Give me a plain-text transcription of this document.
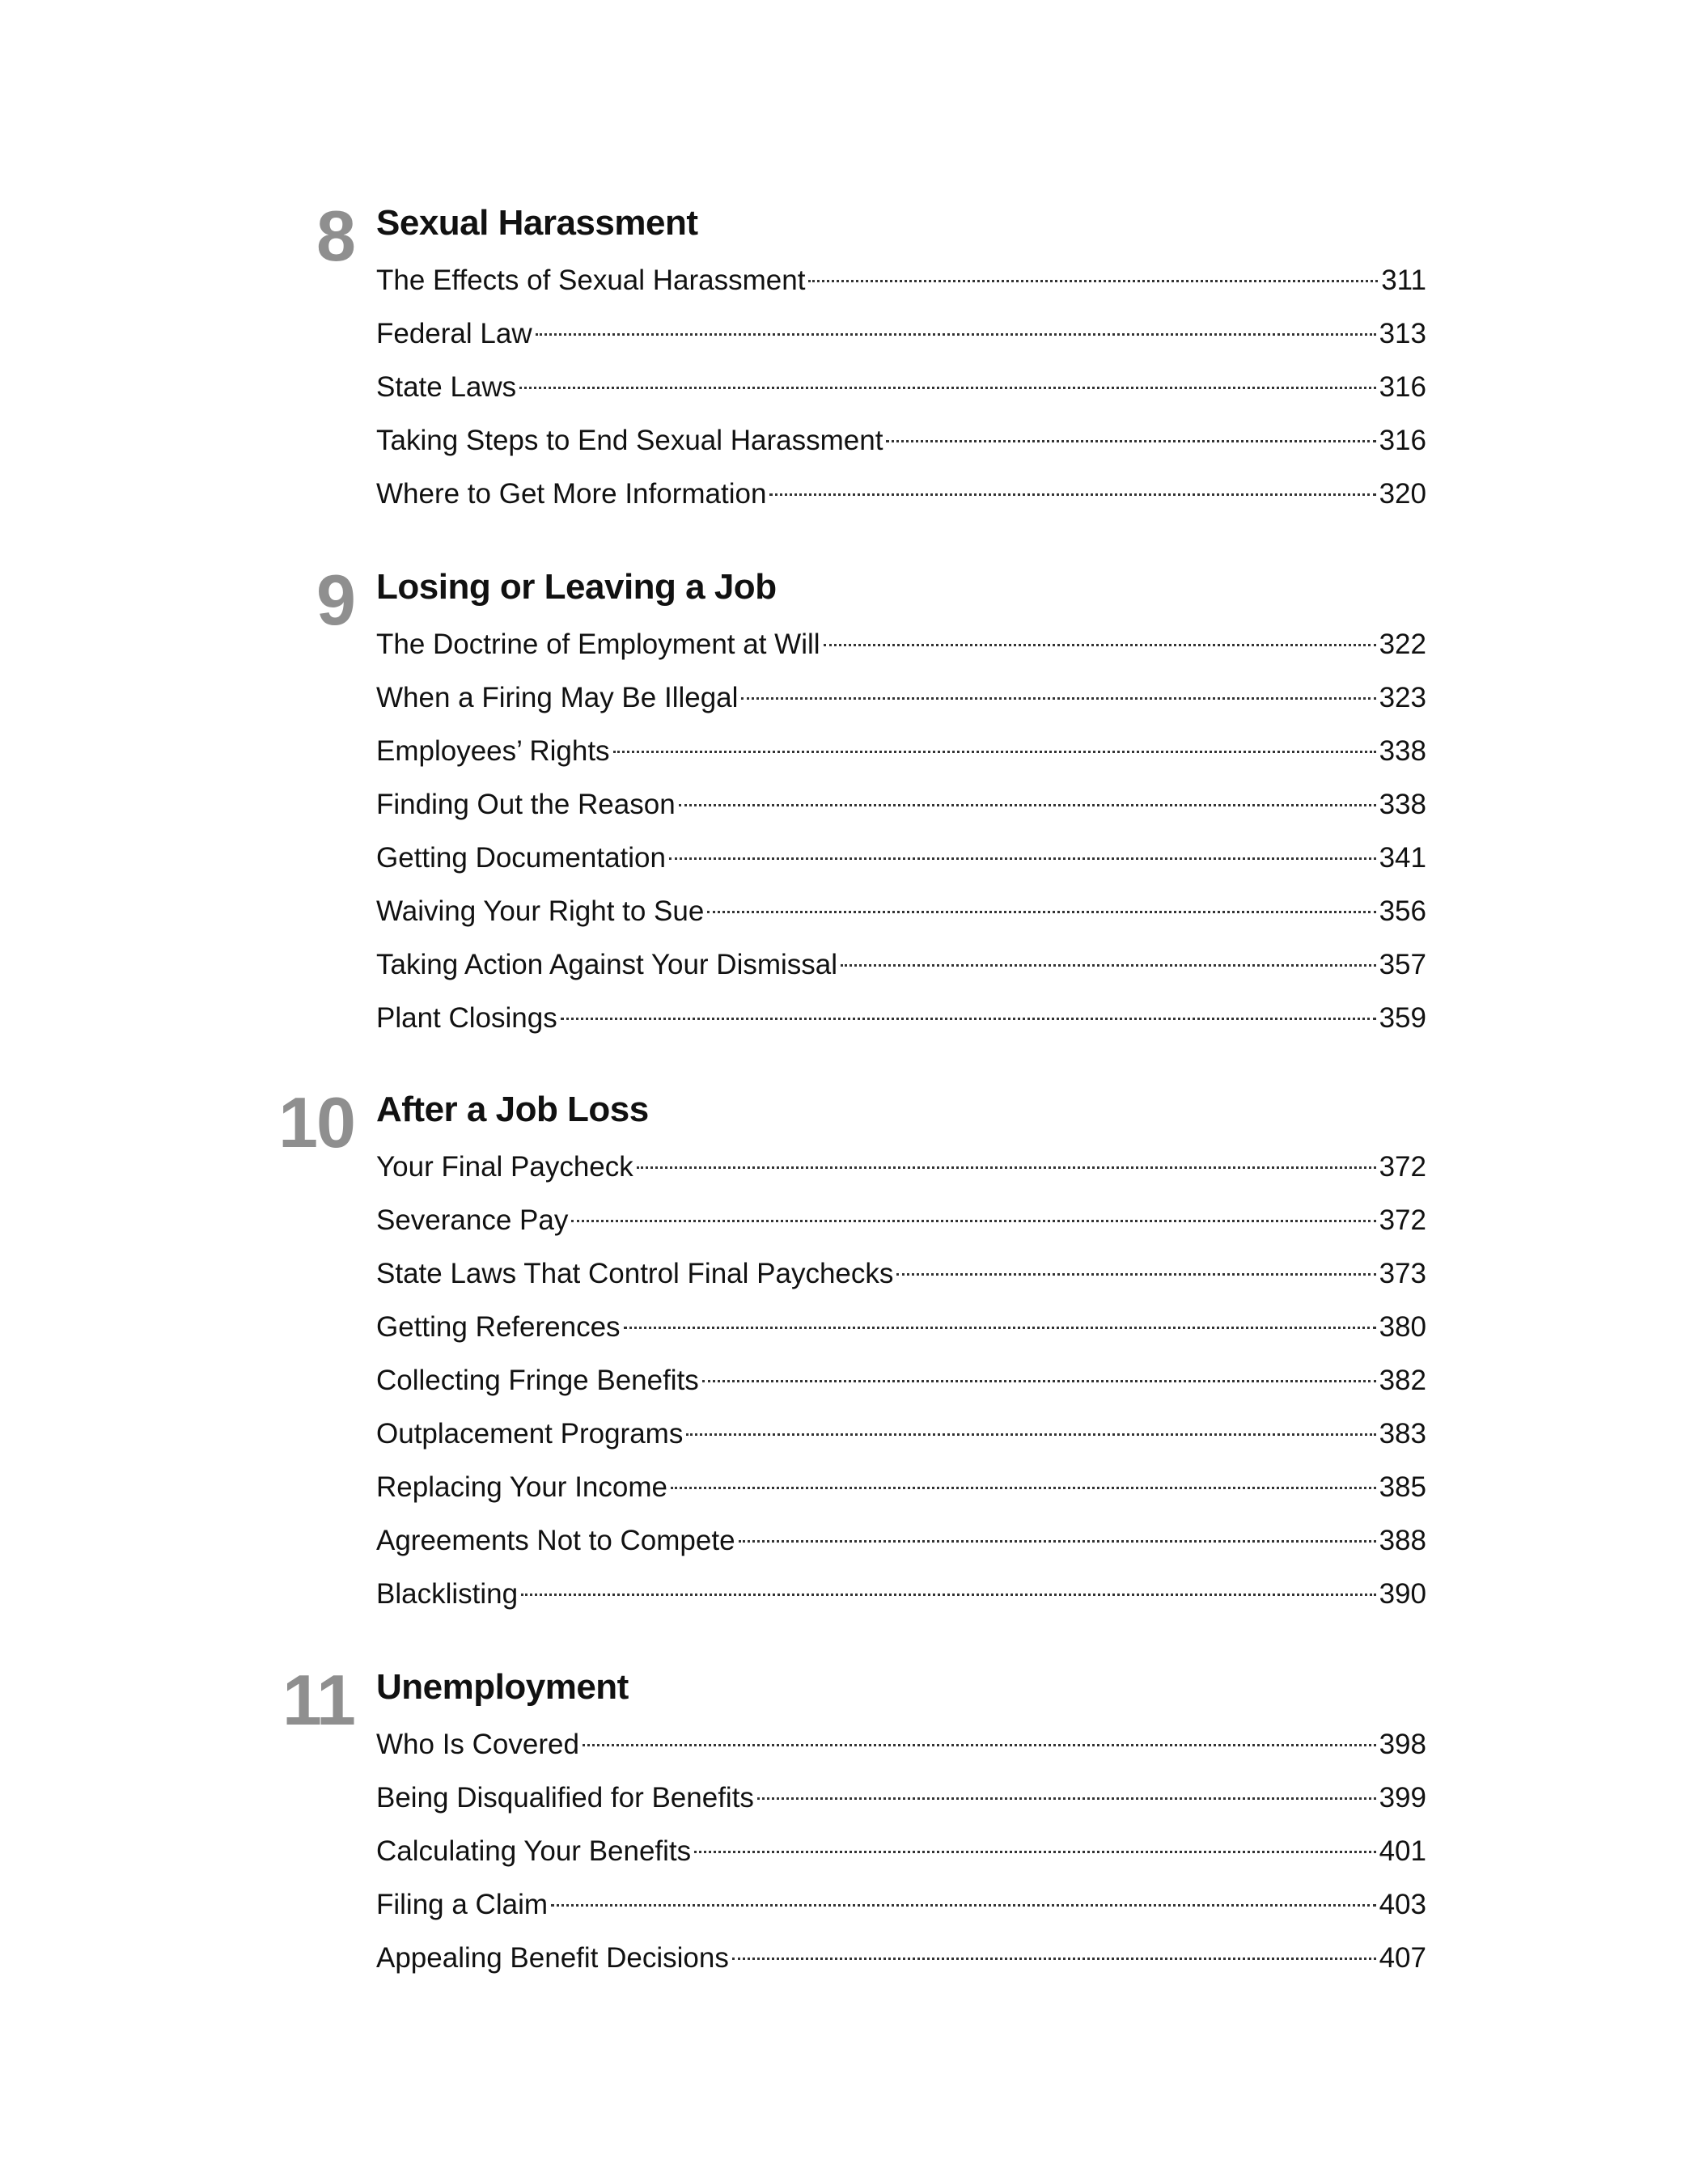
8 Sexual Harassment
The Effects of Sexual Harassment	311
Federal Law	313
State Laws	316
Taking Steps to End Sexual Harassment	316
Where to Get More Information	320
9 Losing or Leaving a Job
The Doctrine of Employment at Will	322
When a Firing May Be Illegal	323
Employees’ Rights	338
Finding Out the Reason	338
Getting Documentation	341
Waiving Your Right to Sue	356
Taking Action Against Your Dismissal	357
Plant Closings	359
10 After a Job Loss
Your Final Paycheck	372
Severance Pay	372
State Laws That Control Final Paychecks	373
Getting References	380
Collecting Fringe Benefits	382
Outplacement Programs	383
Replacing Your Income	385
Agreements Not to Compete	388
Blacklisting	390
11 Unemployment
Who Is Covered	398
Being Disqualified for Benefits	399
Calculating Your Benefits	401
Filing a Claim	403
Appealing Benefit Decisions	407
